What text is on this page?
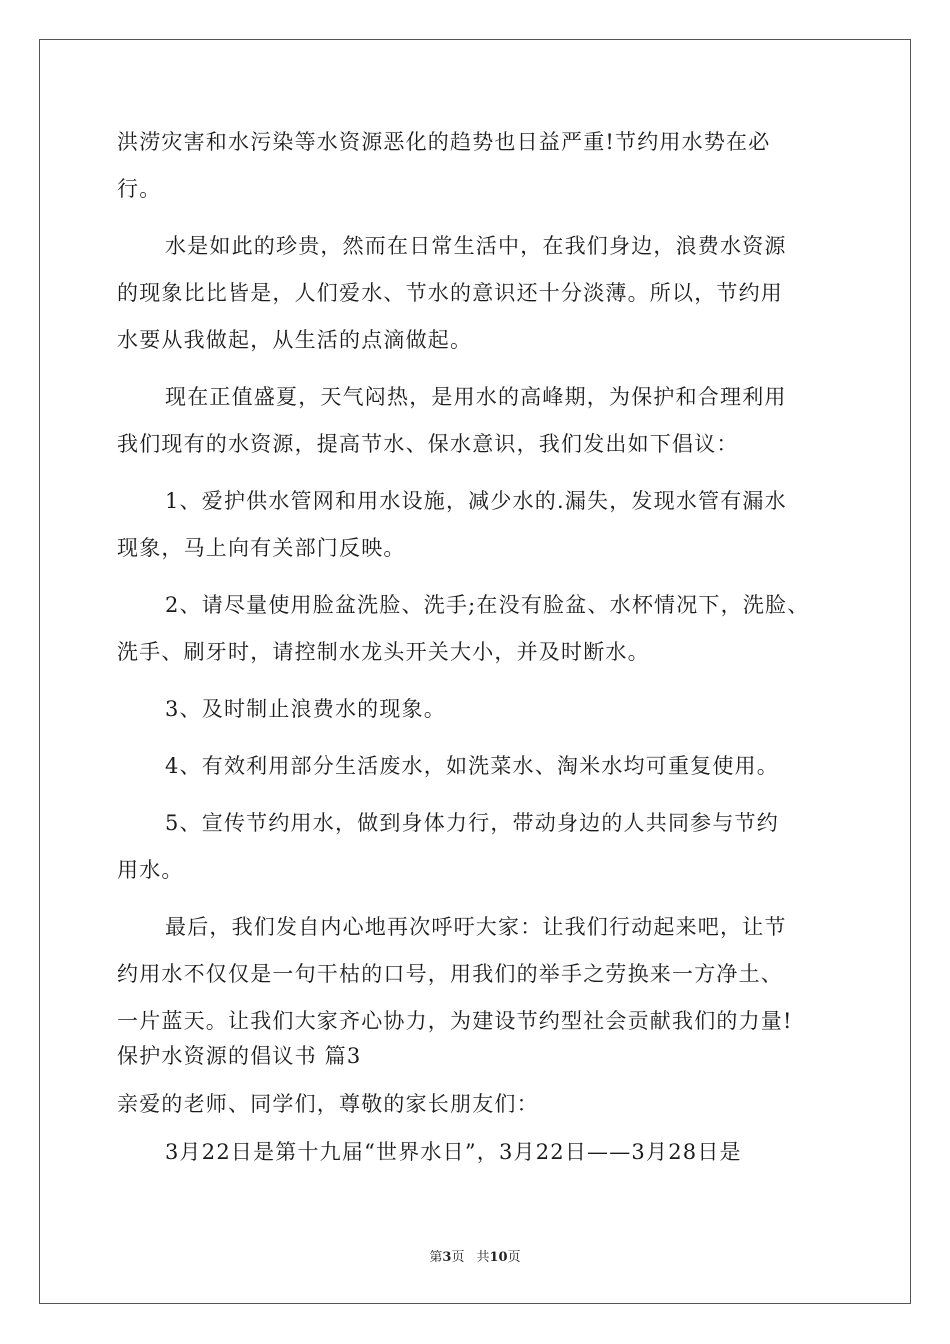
洪涝灾害和水污染等水资源恶化的趋势也日益严重!节约用水势在必
行。
水是如此的珍贵，然而在日常生活中，在我们身边，浪费水资源
的现象比比皆是，人们爱水、节水的意识还十分淡薄。所以，节约用
水要从我做起，从生活的点滴做起。
现在正值盛夏，天气闷热，是用水的高峰期，为保护和合理利用
我们现有的水资源，提高节水、保水意识，我们发出如下倡议：
1、爱护供水管网和用水设施，减少水的.漏失，发现水管有漏水
现象，马上向有关部门反映。
2、请尽量使用脸盆洗脸、洗手;在没有脸盆、水杯情况下，洗脸、
洗手、刷牙时，请控制水龙头开关大小，并及时断水。
3、及时制止浪费水的现象。
4、有效利用部分生活废水，如洗菜水、淘米水均可重复使用。
5、宣传节约用水，做到身体力行，带动身边的人共同参与节约
用水。
最后，我们发自内心地再次呼吁大家：让我们行动起来吧，让节
约用水不仅仅是一句干枯的口号，用我们的举手之劳换来一方净土、
一片蓝天。让我们大家齐心协力，为建设节约型社会贡献我们的力量!
保护水资源的倡议书 篇3
亲爱的老师、同学们，尊敬的家长朋友们：
3月22日是第十九届“世界水日”，3月22日——3月28日是
第3页 共10页
